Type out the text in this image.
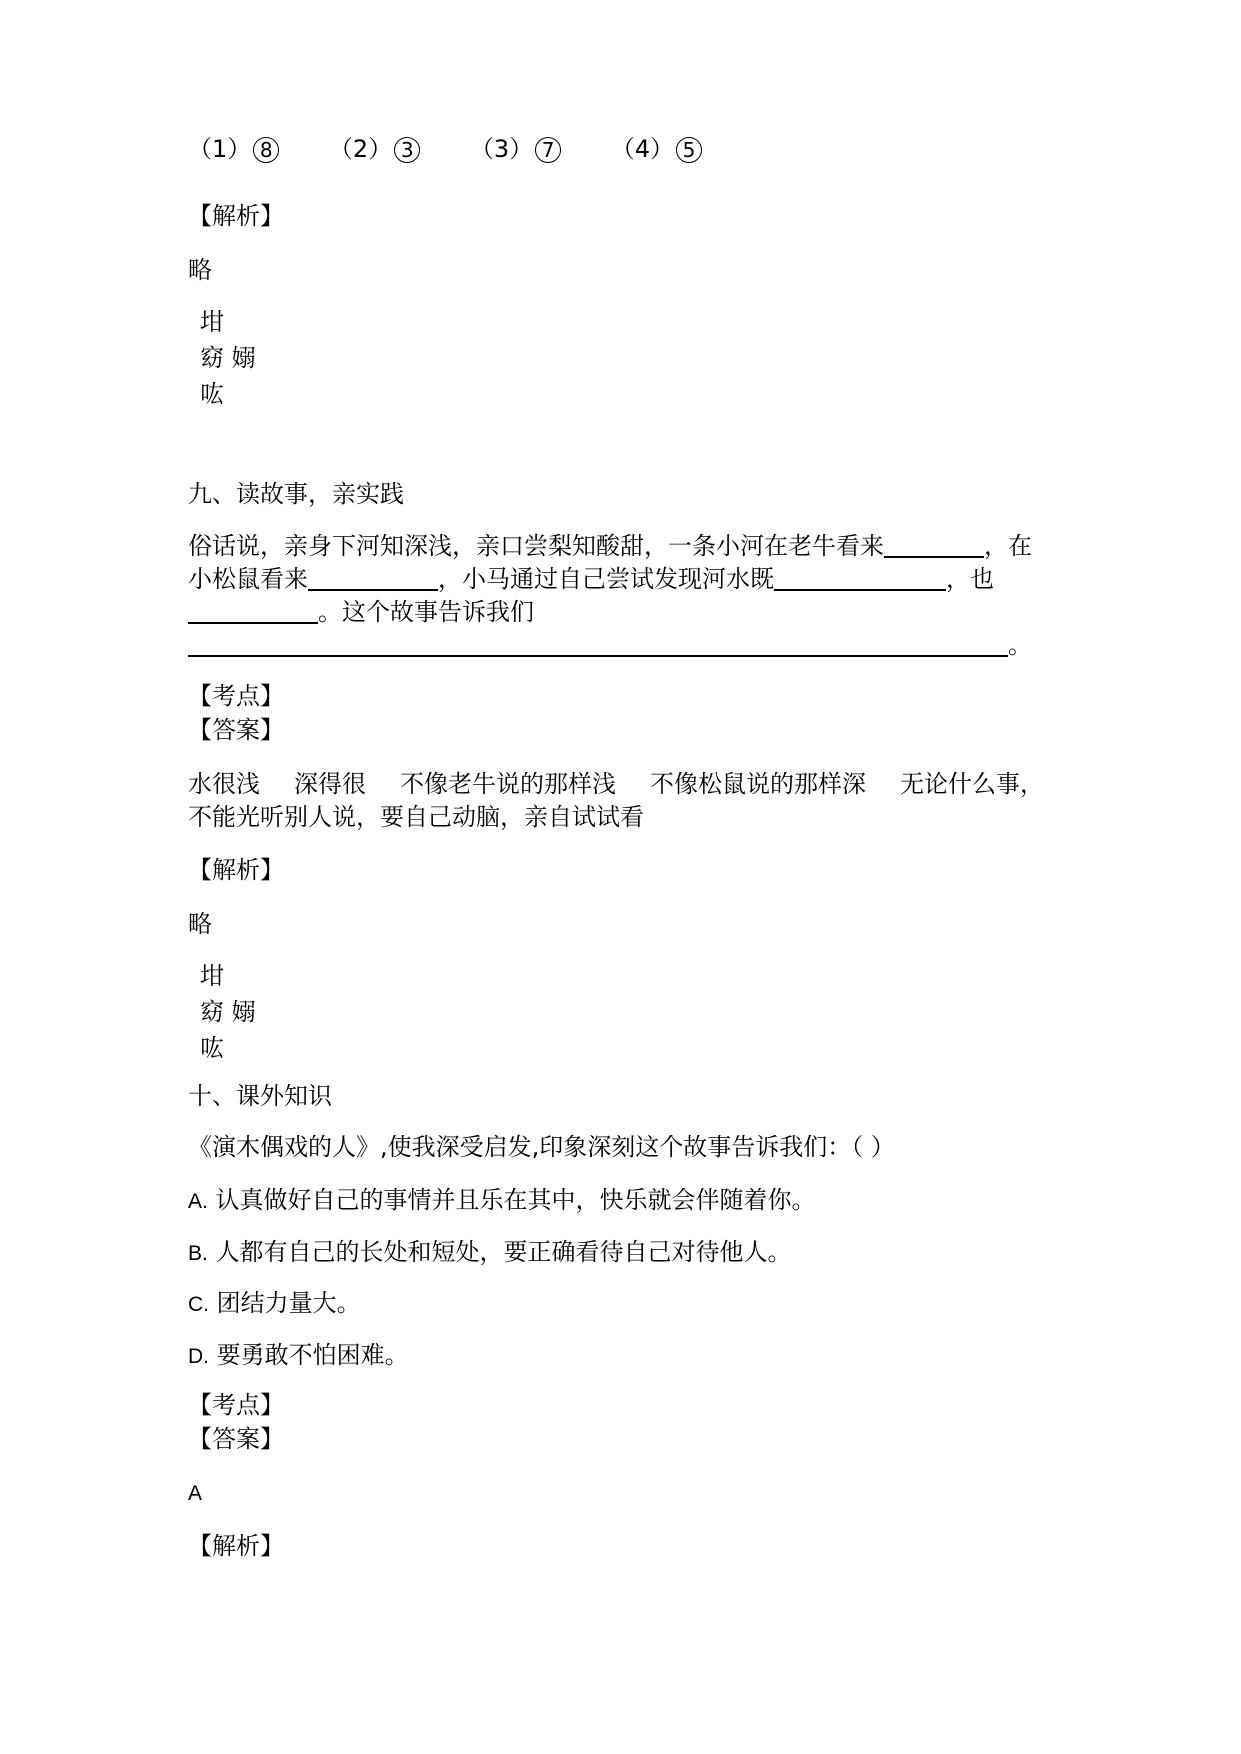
（1） 8 （2） 3 （3） 7 （4） 5
【解析】
略
坩
窈 嫋
吰
九、读故事，亲实践
俗话说，亲身下河知深浅，亲口尝梨知酸甜，一条小河在老牛看来	，在
小松鼠看来	，小马通过自己尝试发现河水既	，也
。这个故事告诉我们
。
【考点】
【答案】
水很浅 深得很 不像老牛说的那样浅 不像松鼠说的那样深 无论什么事，
不能光听别人说，要自己动脑，亲自试试看
【解析】
略
坩
窈 嫋
吰
十、课外知识
《演木偶戏的人》,使我深受启发,印象深刻这个故事告诉我们：（ ）
A. 认真做好自己的事情并且乐在其中，快乐就会伴随着你。
B. 人都有自己的长处和短处，要正确看待自己对待他人。
C. 团结力量大。
D. 要勇敢不怕困难。
【考点】
【答案】
A
【解析】
